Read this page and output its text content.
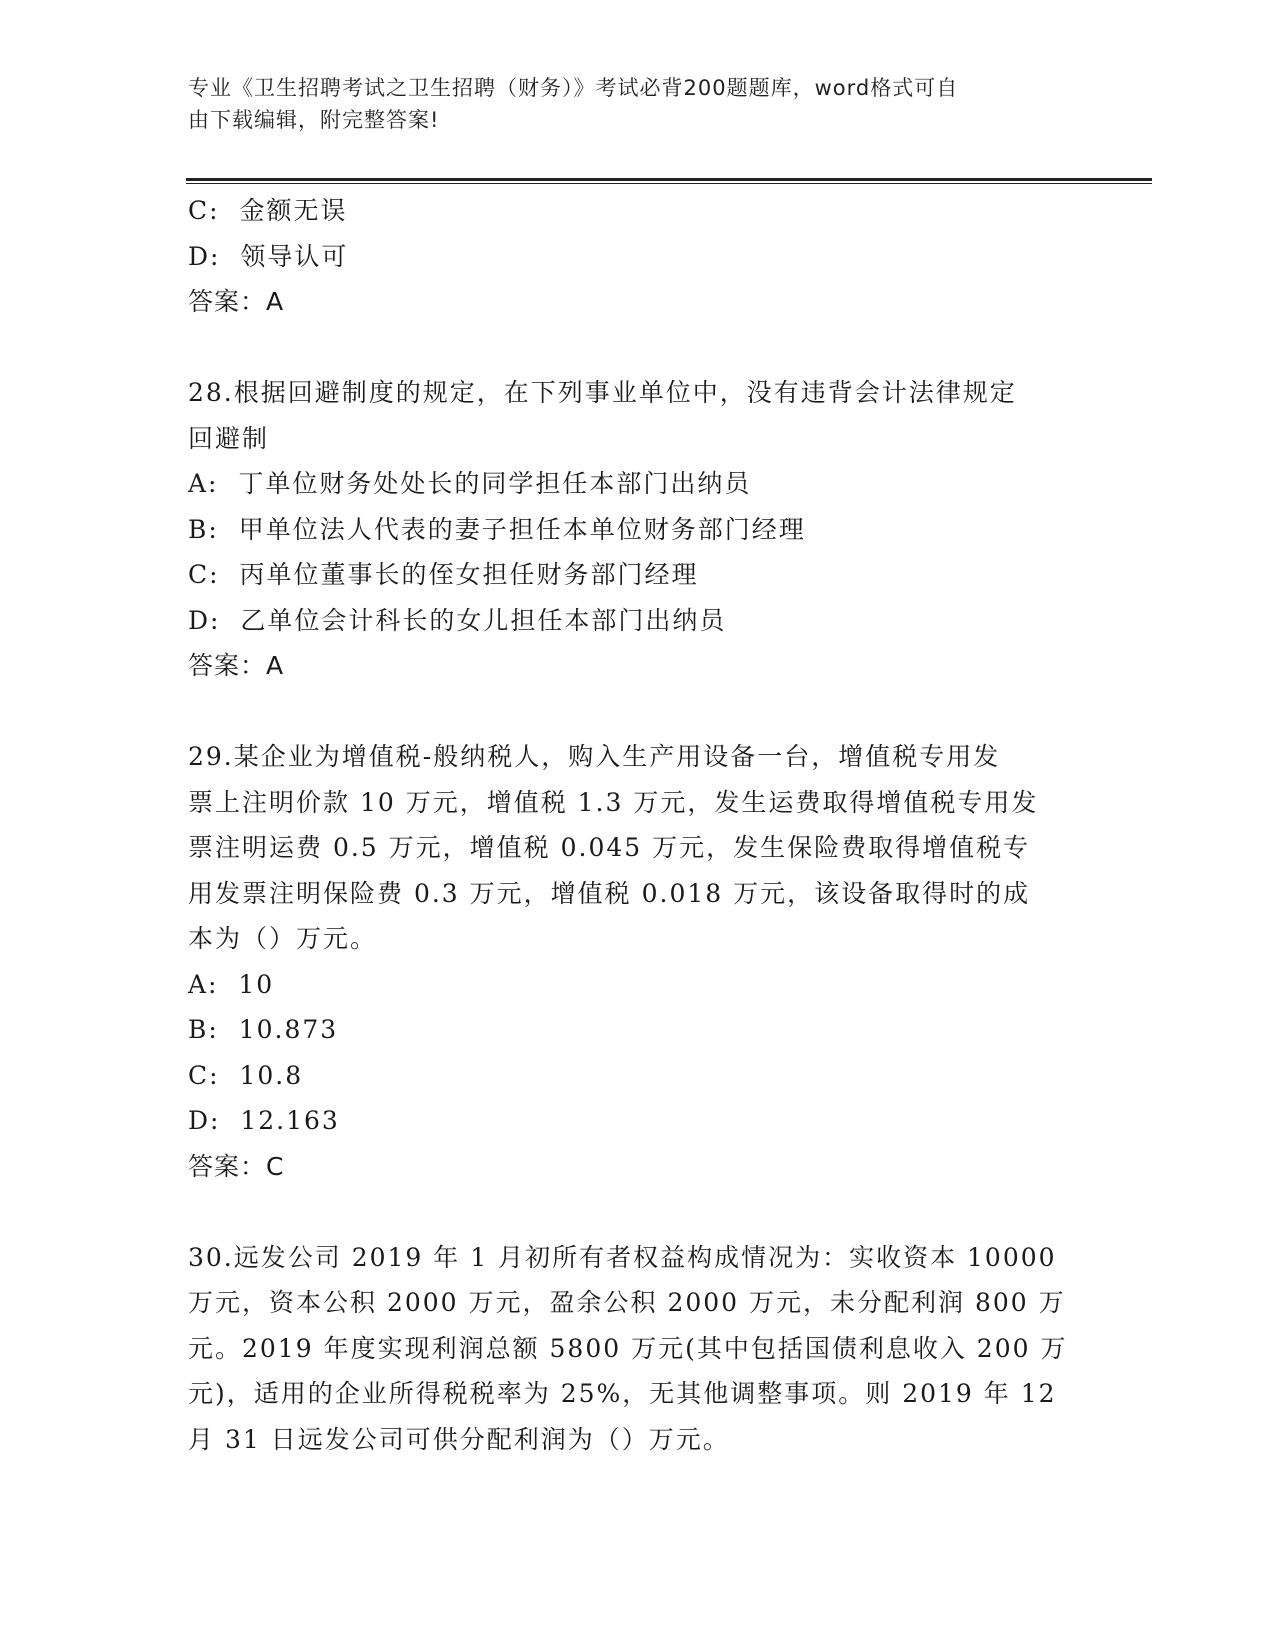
专业《卫生招聘考试之卫生招聘（财务）》考试必背200题题库，word格式可自
由下载编辑，附完整答案!
C:  金额无误
D:  领导认可
答案：A
28.根据回避制度的规定，在下列事业单位中，没有违背会计法律规定
回避制
A:  丁单位财务处处长的同学担任本部门出纳员
B:  甲单位法人代表的妻子担任本单位财务部门经理
C:  丙单位董事长的侄女担任财务部门经理
D:  乙单位会计科长的女儿担任本部门出纳员
答案：A
29.某企业为增值税-般纳税人，购入生产用设备一台，增值税专用发
票上注明价款 10 万元，增值税 1.3 万元，发生运费取得增值税专用发
票注明运费 0.5 万元，增值税 0.045 万元，发生保险费取得增值税专
用发票注明保险费 0.3 万元，增值税 0.018 万元，该设备取得时的成
本为（）万元。
A:  10
B:  10.873
C:  10.8
D:  12.163
答案：C
30.远发公司 2019 年 1 月初所有者权益构成情况为：实收资本 10000
万元，资本公积 2000 万元，盈余公积 2000 万元，未分配利润 800 万
元。2019 年度实现利润总额 5800 万元(其中包括国债利息收入 200 万
元)，适用的企业所得税税率为 25%，无其他调整事项。则 2019 年 12
月 31 日远发公司可供分配利润为（）万元。
